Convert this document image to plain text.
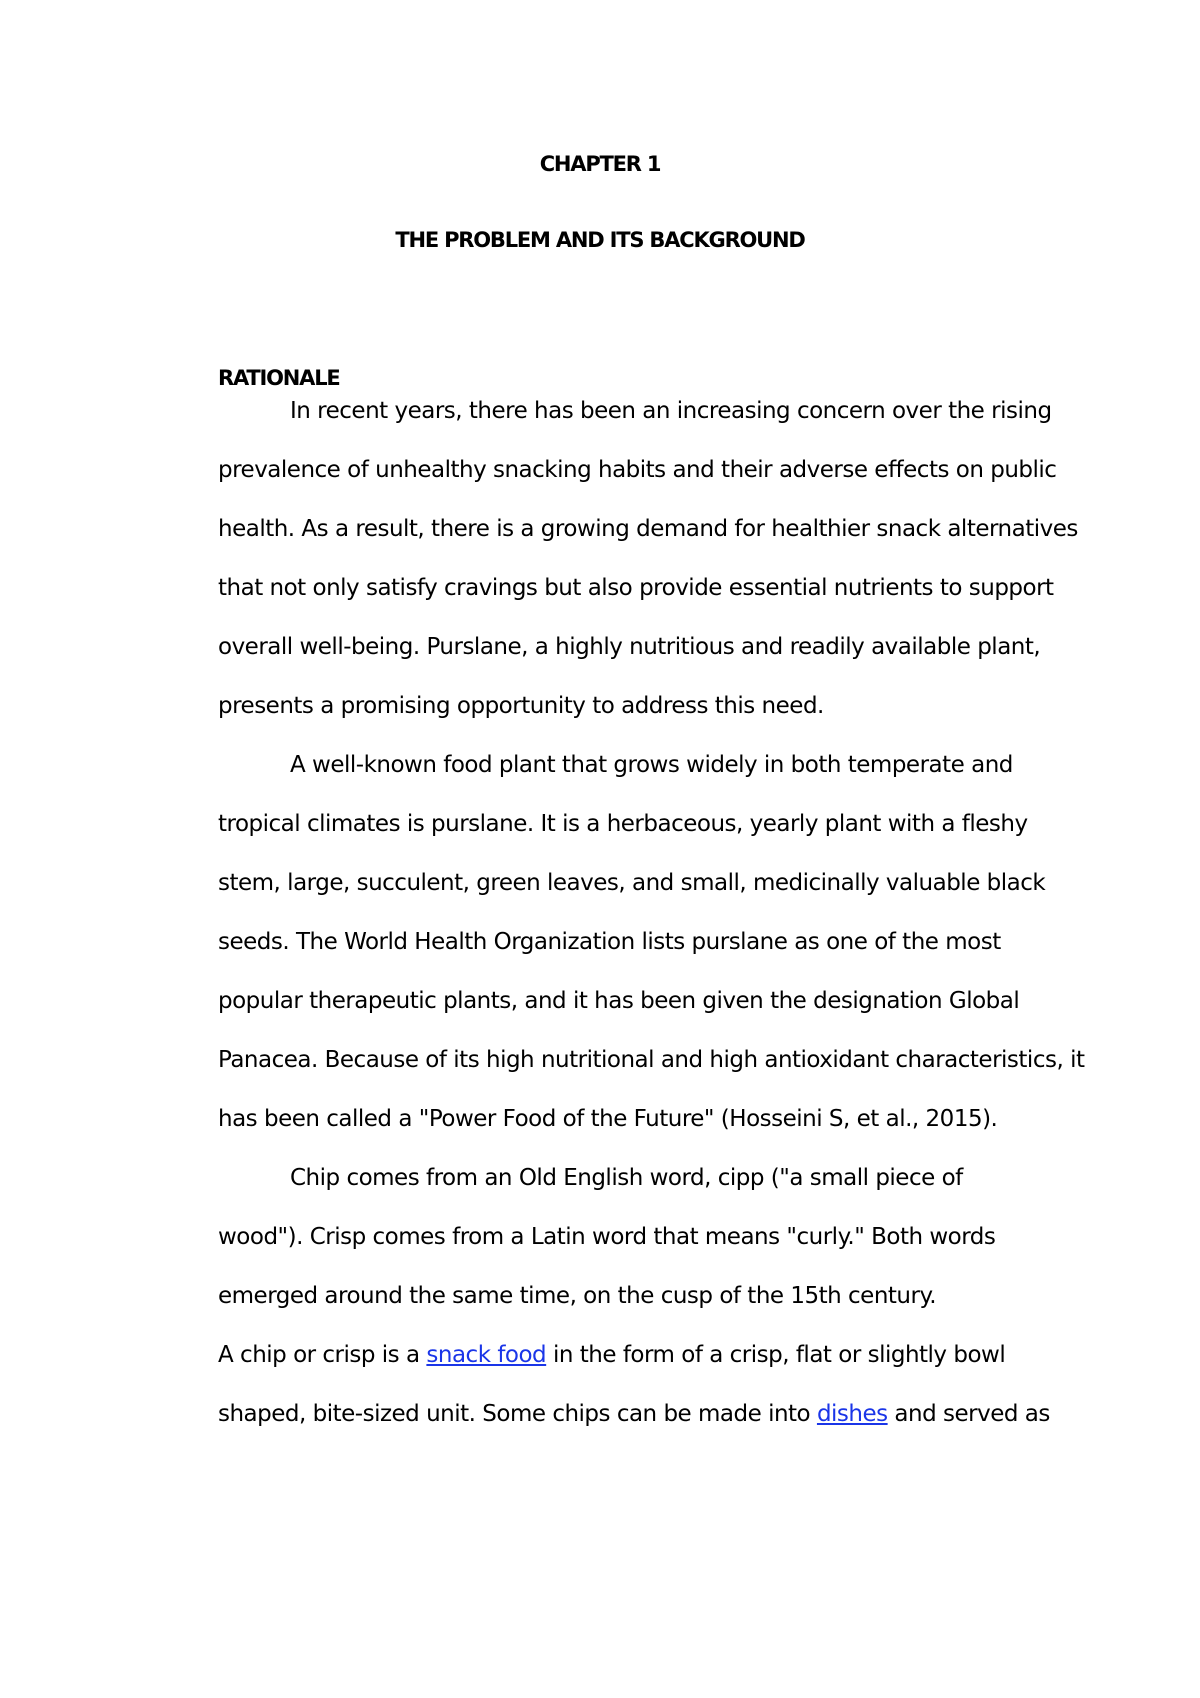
CHAPTER 1
THE PROBLEM AND ITS BACKGROUND
RATIONALE
In recent years, there has been an increasing concern over the rising
prevalence of unhealthy snacking habits and their adverse effects on public
health. As a result, there is a growing demand for healthier snack alternatives
that not only satisfy cravings but also provide essential nutrients to support
overall well-being. Purslane, a highly nutritious and readily available plant,
presents a promising opportunity to address this need.
A well-known food plant that grows widely in both temperate and
tropical climates is purslane. It is a herbaceous, yearly plant with a fleshy
stem, large, succulent, green leaves, and small, medicinally valuable black
seeds. The World Health Organization lists purslane as one of the most
popular therapeutic plants, and it has been given the designation Global
Panacea. Because of its high nutritional and high antioxidant characteristics, it
has been called a "Power Food of the Future" (Hosseini S, et al., 2015).
Chip comes from an Old English word, cipp ("a small piece of
wood"). Crisp comes from a Latin word that means "curly." Both words
emerged around the same time, on the cusp of the 15th century.
A chip or crisp is a snack food in the form of a crisp, flat or slightly bowl
shaped, bite-sized unit. Some chips can be made into dishes and served as
